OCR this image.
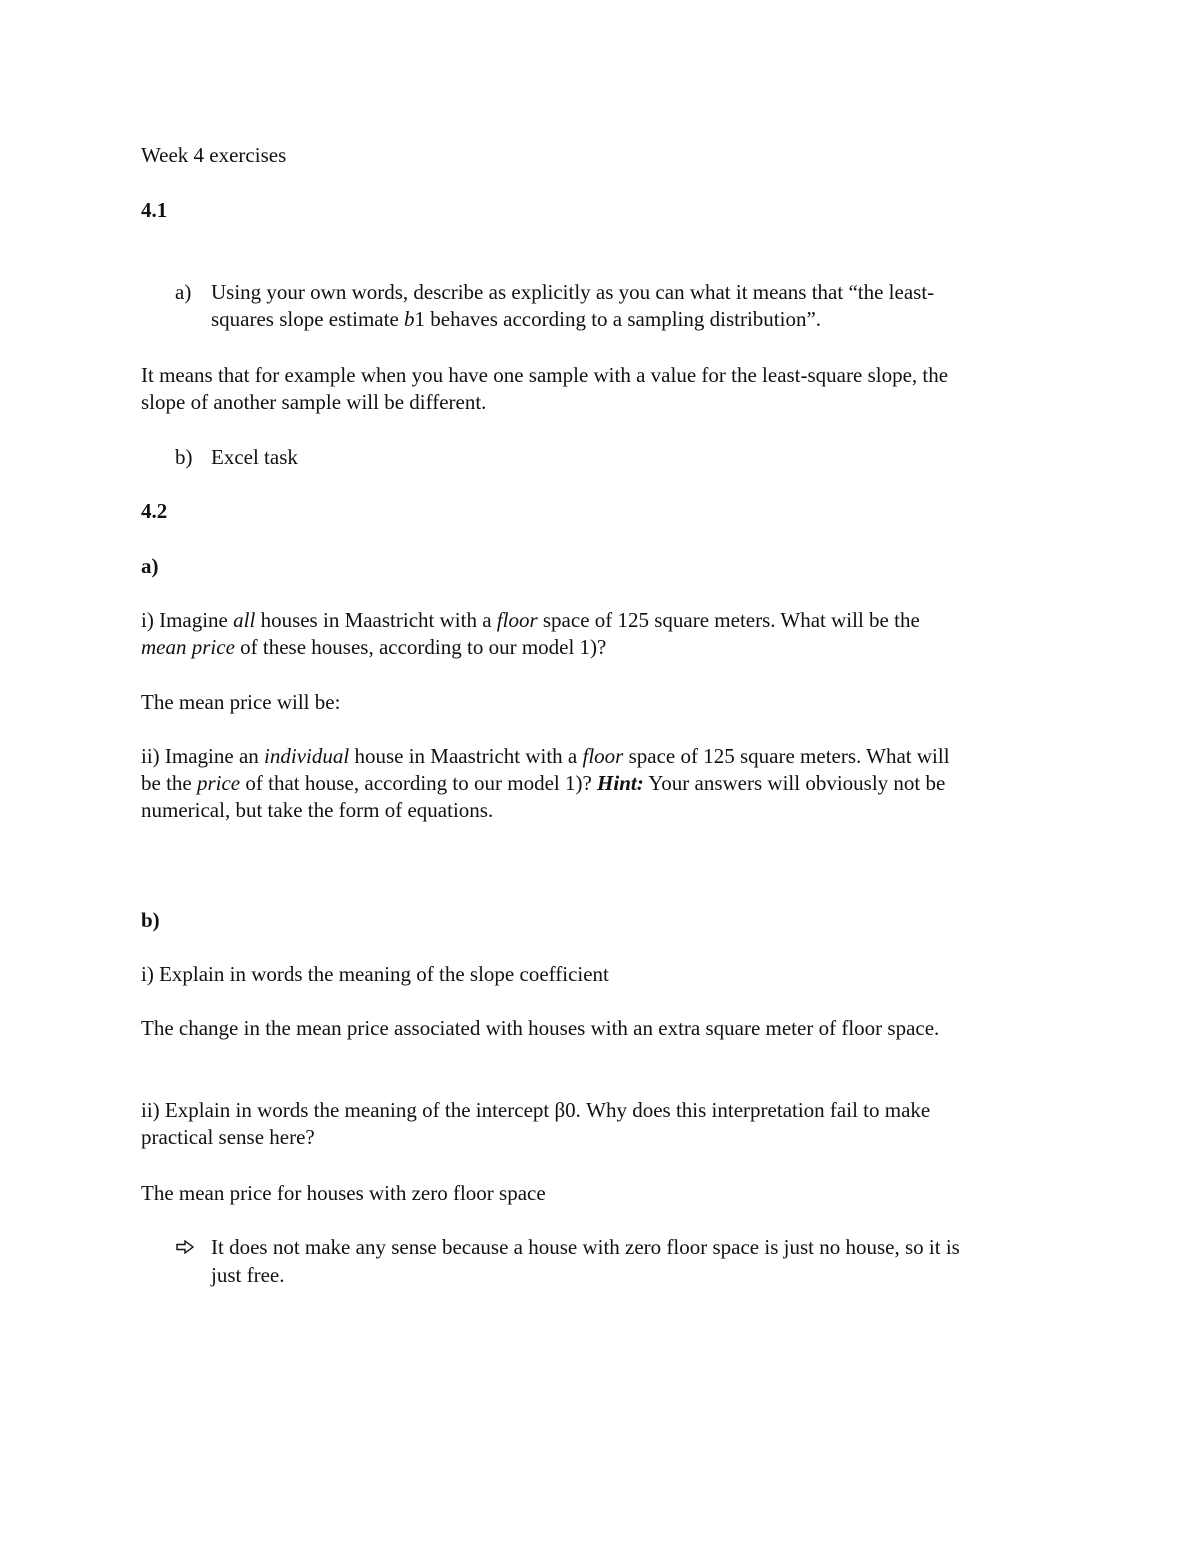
Week 4 exercises
4.1
a) Using your own words, describe as explicitly as you can what it means that “the least-
squares slope estimate b1 behaves according to a sampling distribution”.
It means that for example when you have one sample with a value for the least-square slope, the
slope of another sample will be different.
b) Excel task
4.2
a)
i) Imagine all houses in Maastricht with a floor space of 125 square meters. What will be the
mean price of these houses, according to our model 1)?
The mean price will be:
ii) Imagine an individual house in Maastricht with a floor space of 125 square meters. What will
be the price of that house, according to our model 1)? Hint: Your answers will obviously not be
numerical, but take the form of equations.
b)
i) Explain in words the meaning of the slope coefficient
The change in the mean price associated with houses with an extra square meter of floor space.
ii) Explain in words the meaning of the intercept β0. Why does this interpretation fail to make
practical sense here?
The mean price for houses with zero floor space
It does not make any sense because a house with zero floor space is just no house, so it is
just free.
